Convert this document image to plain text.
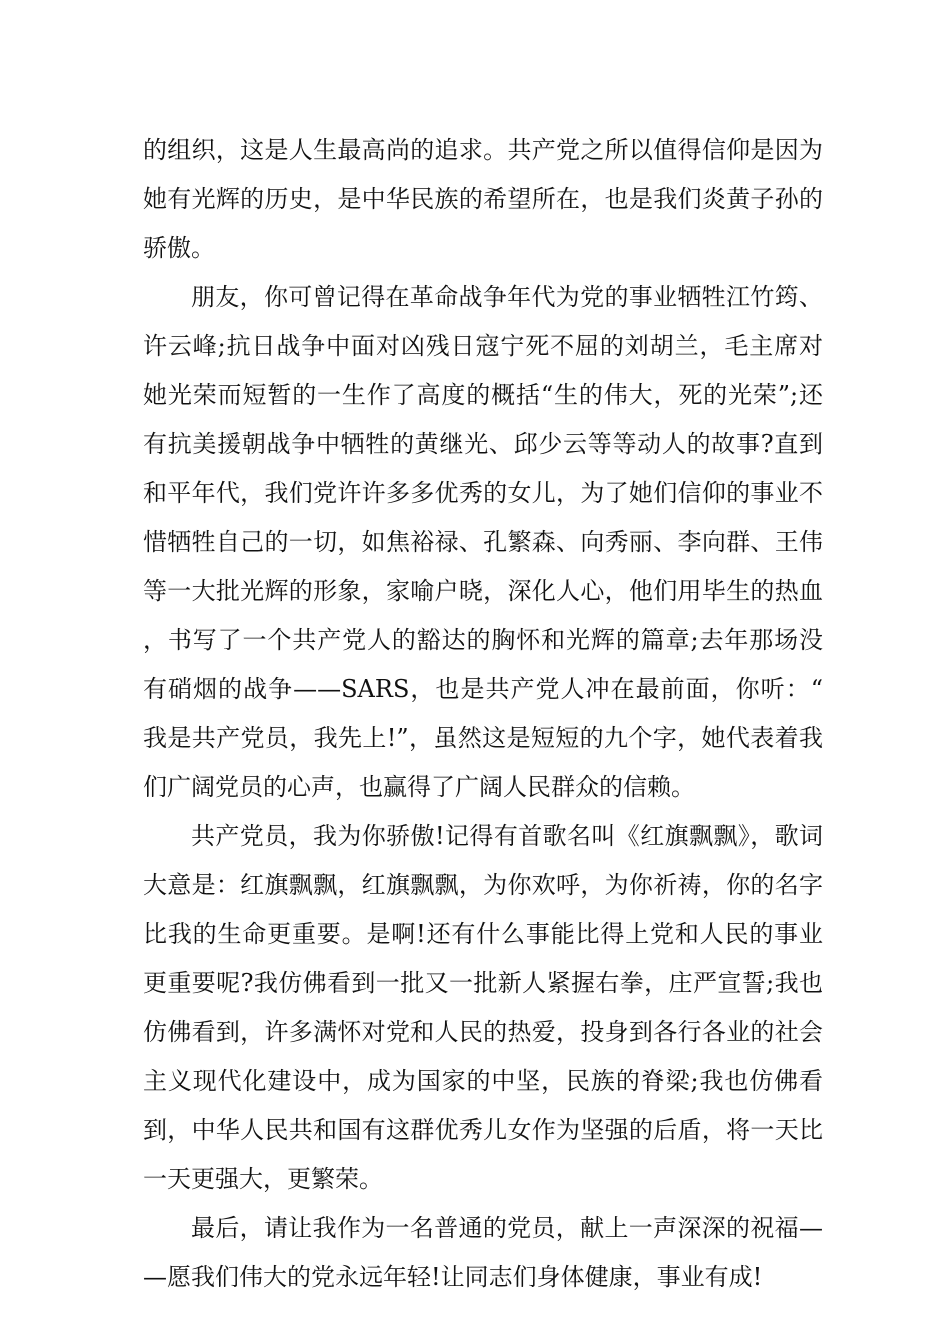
的组织，这是人生最高尚的追求。共产党之所以值得信仰是因为她有光辉的历史，是中华民族的希望所在，也是我们炎黄子孙的骄傲。

朋友，你可曾记得在革命战争年代为党的事业牺牲江竹筠、许云峰;抗日战争中面对凶残日寇宁死不屈的刘胡兰，毛主席对她光荣而短暂的一生作了高度的概括“生的伟大，死的光荣”;还有抗美援朝战争中牺牲的黄继光、邱少云等等动人的故事?直到和平年代，我们党许许多多优秀的女儿，为了她们信仰的事业不惜牺牲自己的一切，如焦裕禄、孔繁森、向秀丽、李向群、王伟等一大批光辉的形象，家喻户晓，深化人心，他们用毕生的热血，书写了一个共产党人的豁达的胸怀和光辉的篇章;去年那场没有硝烟的战争——SARS，也是共产党人冲在最前面，你听：“我是共产党员，我先上!”，虽然这是短短的九个字，她代表着我们广阔党员的心声，也赢得了广阔人民群众的信赖。

共产党员，我为你骄傲!记得有首歌名叫《红旗飘飘》，歌词大意是：红旗飘飘，红旗飘飘，为你欢呼，为你祈祷，你的名字比我的生命更重要。是啊!还有什么事能比得上党和人民的事业更重要呢?我仿佛看到一批又一批新人紧握右拳，庄严宣誓;我也仿佛看到，许多满怀对党和人民的热爱，投身到各行各业的社会主义现代化建设中，成为国家的中坚，民族的脊梁;我也仿佛看到，中华人民共和国有这群优秀儿女作为坚强的后盾，将一天比一天更强大，更繁荣。

最后，请让我作为一名普通的党员，献上一声深深的祝福——愿我们伟大的党永远年轻!让同志们身体健康，事业有成!
